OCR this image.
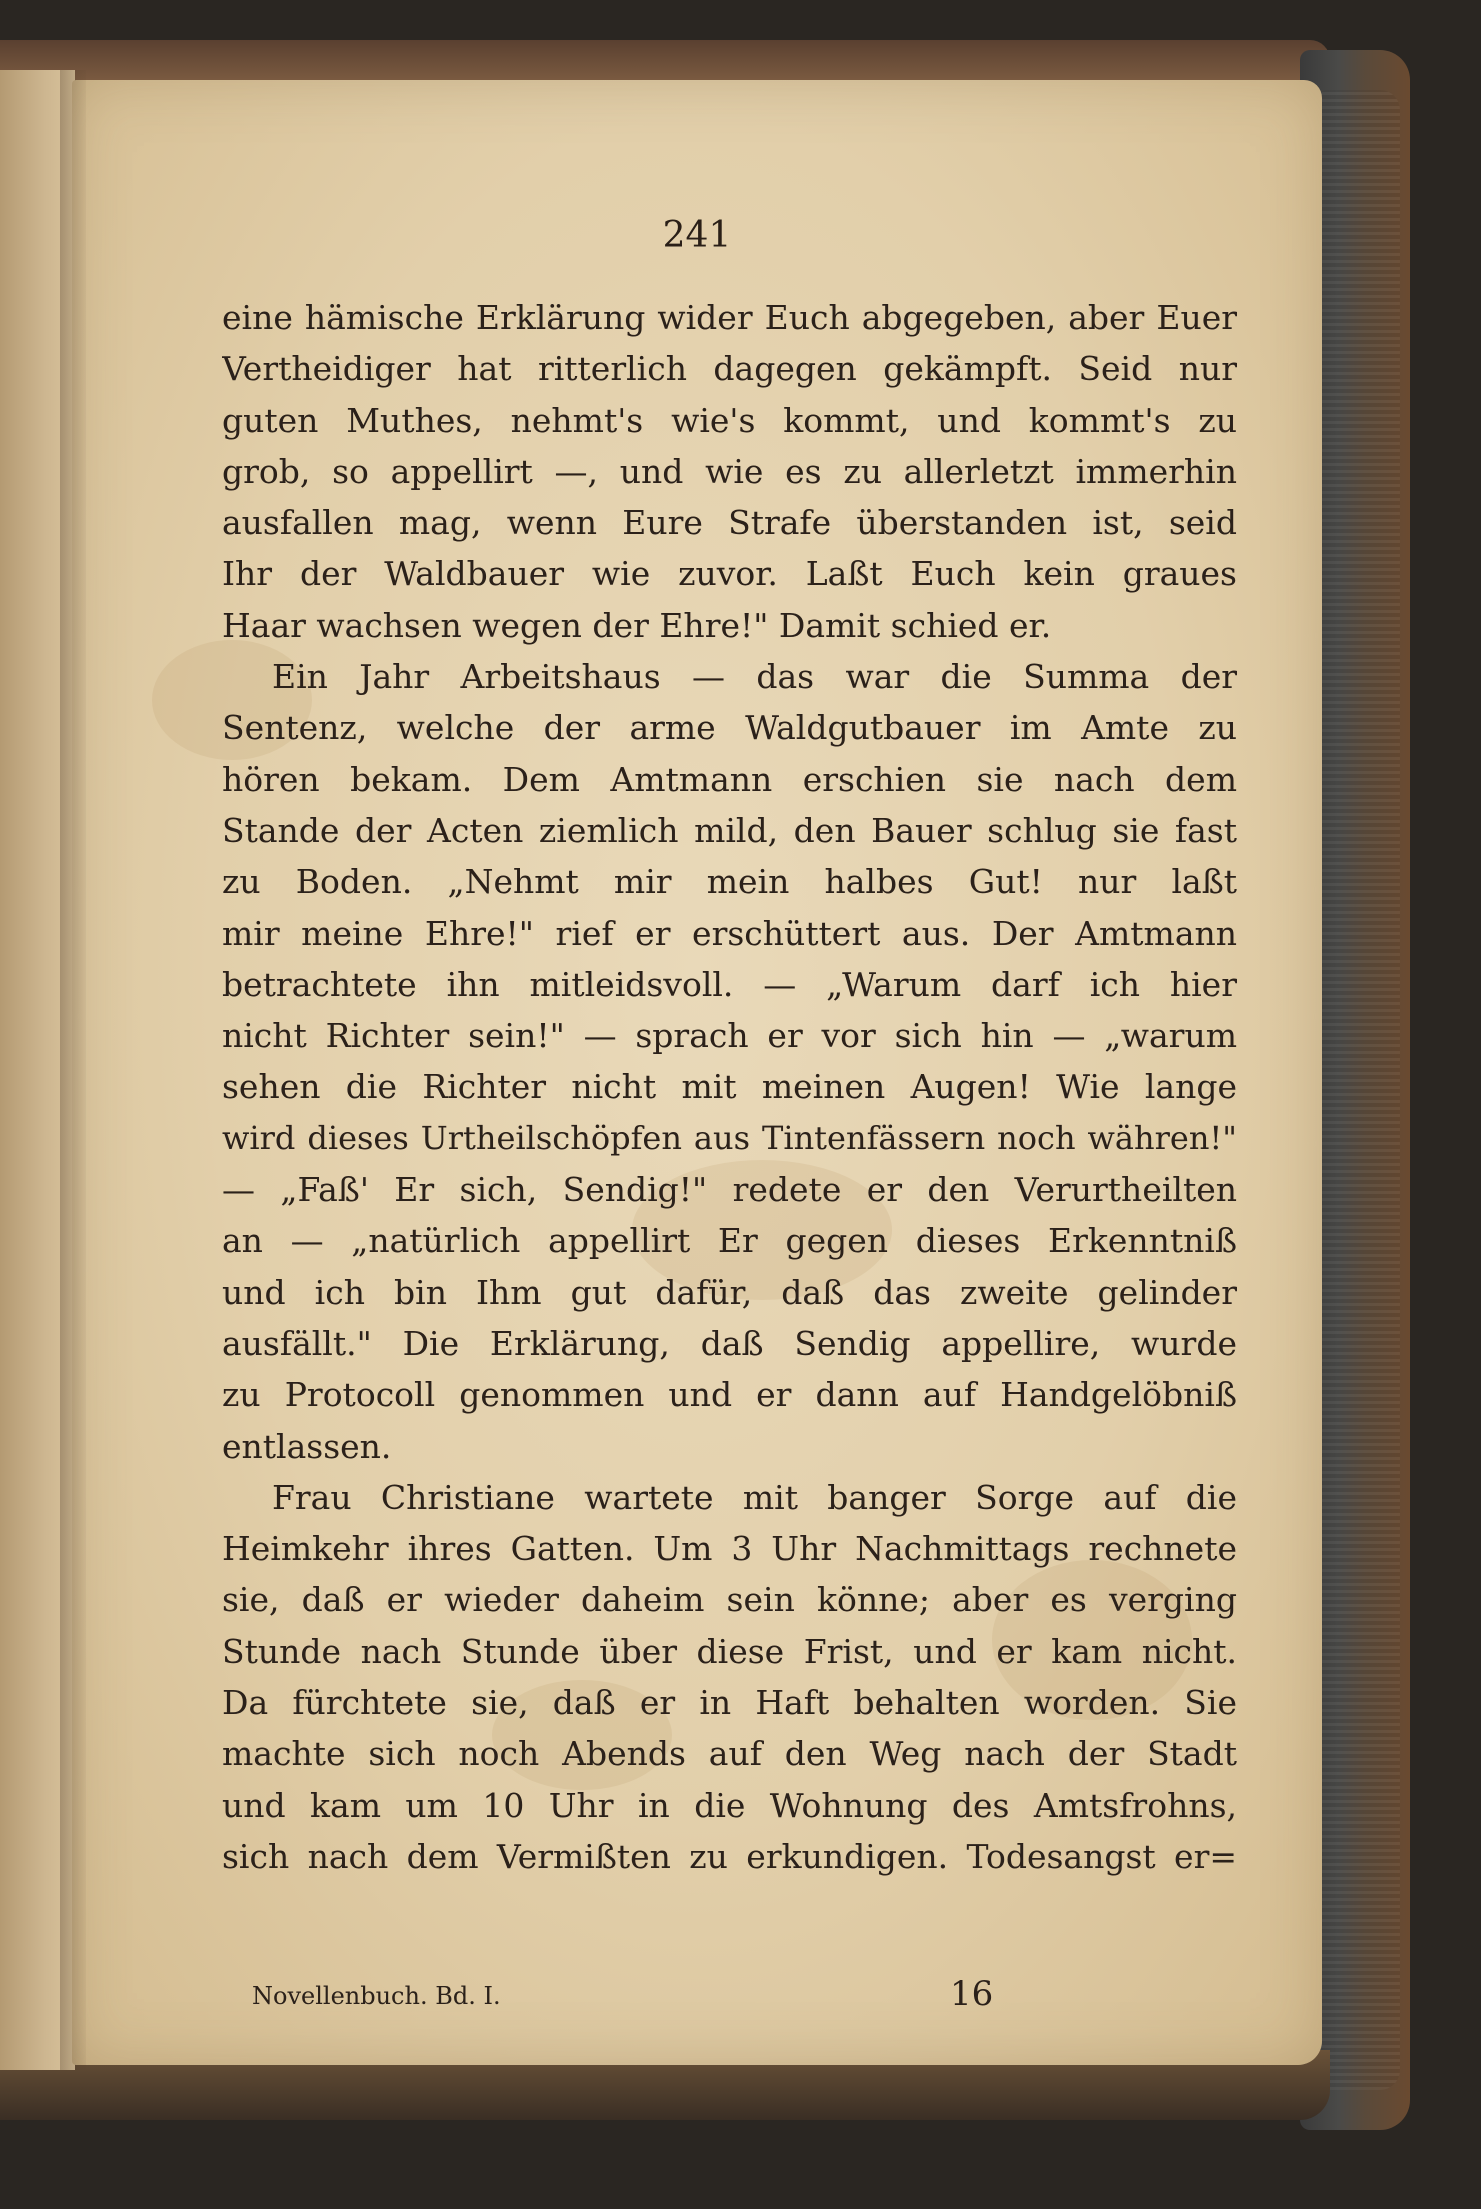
241
eine hämische Erklärung wider Euch abgegeben, aber Euer
Vertheidiger hat ritterlich dagegen gekämpft. Seid nur
guten Muthes, nehmt's wie's kommt, und kommt's zu
grob, so appellirt —, und wie es zu allerletzt immerhin
ausfallen mag, wenn Eure Strafe überstanden ist, seid
Ihr der Waldbauer wie zuvor. Laßt Euch kein graues
Haar wachsen wegen der Ehre!" Damit schied er.
Ein Jahr Arbeitshaus — das war die Summa der
Sentenz, welche der arme Waldgutbauer im Amte zu
hören bekam. Dem Amtmann erschien sie nach dem
Stande der Acten ziemlich mild, den Bauer schlug sie fast
zu Boden. „Nehmt mir mein halbes Gut! nur laßt
mir meine Ehre!" rief er erschüttert aus. Der Amtmann
betrachtete ihn mitleidsvoll. — „Warum darf ich hier
nicht Richter sein!" — sprach er vor sich hin — „warum
sehen die Richter nicht mit meinen Augen! Wie lange
wird dieses Urtheilschöpfen aus Tintenfässern noch währen!"
— „Faß' Er sich, Sendig!" redete er den Verurtheilten
an — „natürlich appellirt Er gegen dieses Erkenntniß
und ich bin Ihm gut dafür, daß das zweite gelinder
ausfällt." Die Erklärung, daß Sendig appellire, wurde
zu Protocoll genommen und er dann auf Handgelöbniß
entlassen.
Frau Christiane wartete mit banger Sorge auf die
Heimkehr ihres Gatten. Um 3 Uhr Nachmittags rechnete
sie, daß er wieder daheim sein könne; aber es verging
Stunde nach Stunde über diese Frist, und er kam nicht.
Da fürchtete sie, daß er in Haft behalten worden. Sie
machte sich noch Abends auf den Weg nach der Stadt
und kam um 10 Uhr in die Wohnung des Amtsfrohns,
sich nach dem Vermißten zu erkundigen. Todesangst er=
Novellenbuch. Bd. I.	16
